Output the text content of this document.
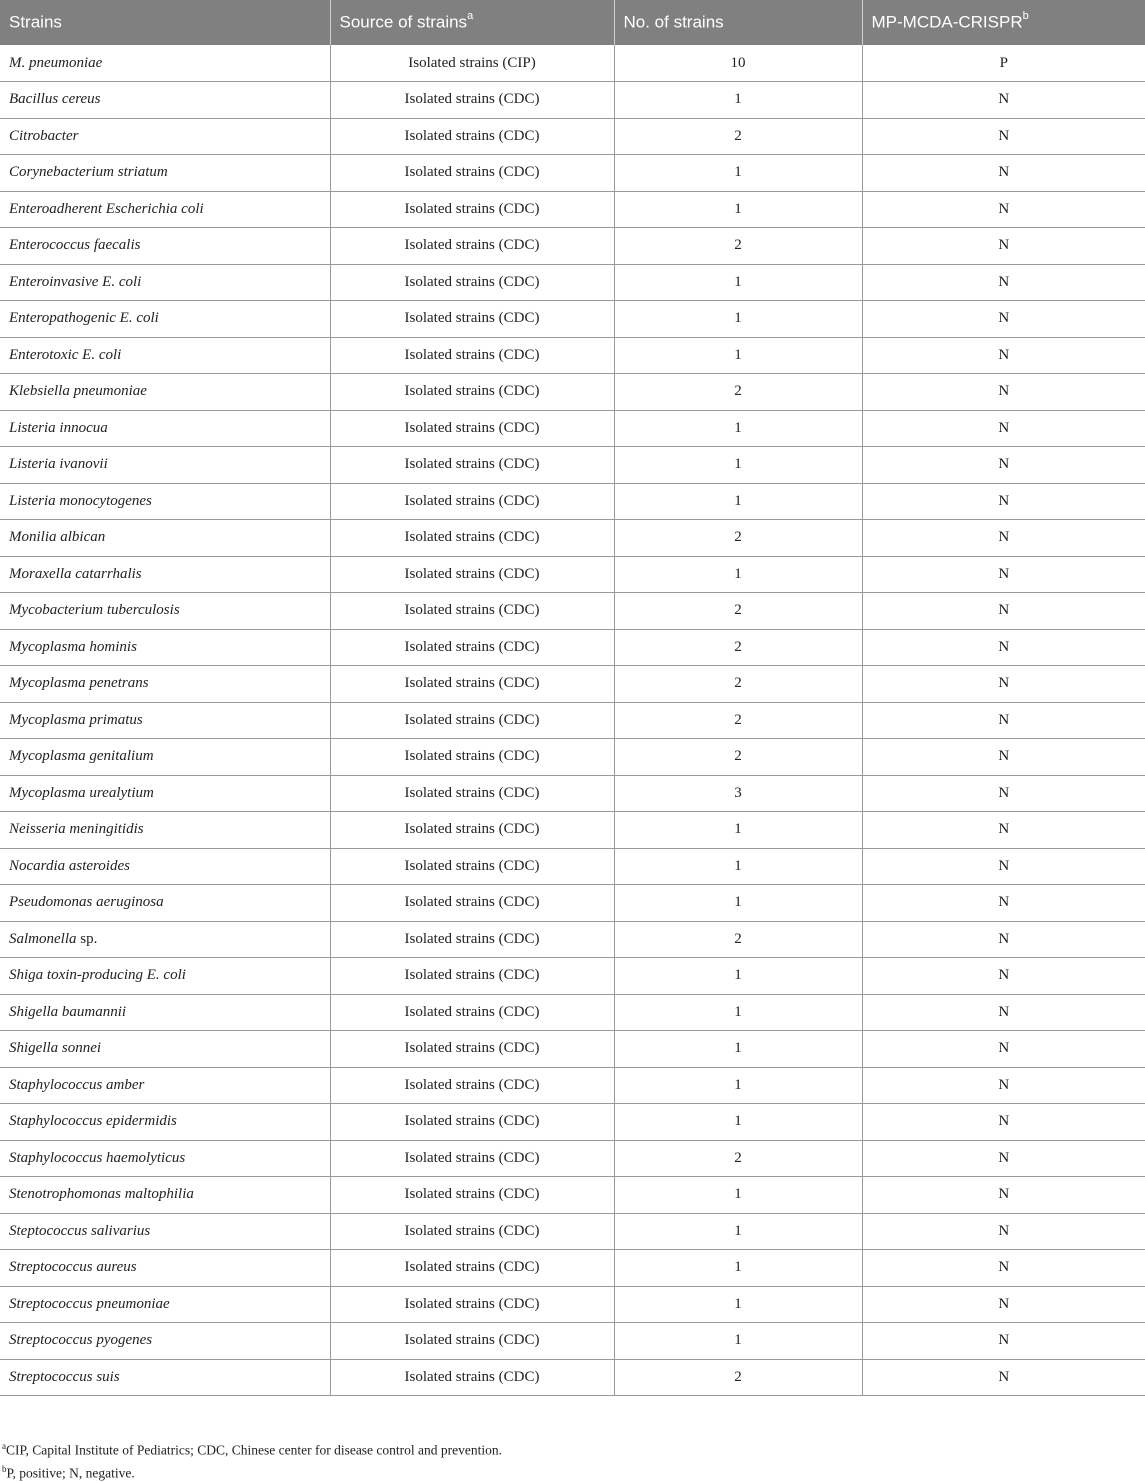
Strains	Source of strains$^a$	No. of strains	MP-MCDA-CRISPR$^b$
M. pneumoniae	Isolated strains (CIP)	10	P
Bacillus cereus	Isolated strains (CDC)	1	N
Citrobacter	Isolated strains (CDC)	2	N
Corynebacterium striatum	Isolated strains (CDC)	1	N
Enteroadherent Escherichia coli	Isolated strains (CDC)	1	N
Enterococcus faecalis	Isolated strains (CDC)	2	N
Enteroinvasive E. coli	Isolated strains (CDC)	1	N
Enteropathogenic E. coli	Isolated strains (CDC)	1	N
Enterotoxic E. coli	Isolated strains (CDC)	1	N
Klebsiella pneumoniae	Isolated strains (CDC)	2	N
Listeria innocua	Isolated strains (CDC)	1	N
Listeria ivanovii	Isolated strains (CDC)	1	N
Listeria monocytogenes	Isolated strains (CDC)	1	N
Monilia albican	Isolated strains (CDC)	2	N
Moraxella catarrhalis	Isolated strains (CDC)	1	N
Mycobacterium tuberculosis	Isolated strains (CDC)	2	N
Mycoplasma hominis	Isolated strains (CDC)	2	N
Mycoplasma penetrans	Isolated strains (CDC)	2	N
Mycoplasma primatus	Isolated strains (CDC)	2	N
Mycoplasma genitalium	Isolated strains (CDC)	2	N
Mycoplasma urealytium	Isolated strains (CDC)	3	N
Neisseria meningitidis	Isolated strains (CDC)	1	N
Nocardia asteroides	Isolated strains (CDC)	1	N
Pseudomonas aeruginosa	Isolated strains (CDC)	1	N
Salmonella sp.	Isolated strains (CDC)	2	N
Shiga toxin-producing E. coli	Isolated strains (CDC)	1	N
Shigella baumannii	Isolated strains (CDC)	1	N
Shigella sonnei	Isolated strains (CDC)	1	N
Staphylococcus amber	Isolated strains (CDC)	1	N
Staphylococcus epidermidis	Isolated strains (CDC)	1	N
Staphylococcus haemolyticus	Isolated strains (CDC)	2	N
Stenotrophomonas maltophilia	Isolated strains (CDC)	1	N
Steptococcus salivarius	Isolated strains (CDC)	1	N
Streptococcus aureus	Isolated strains (CDC)	1	N
Streptococcus pneumoniae	Isolated strains (CDC)	1	N
Streptococcus pyogenes	Isolated strains (CDC)	1	N
Streptococcus suis	Isolated strains (CDC)	2	N
$^a$CIP, Capital Institute of Pediatrics; CDC, Chinese center for disease control and prevention.
$^b$P, positive; N, negative.
